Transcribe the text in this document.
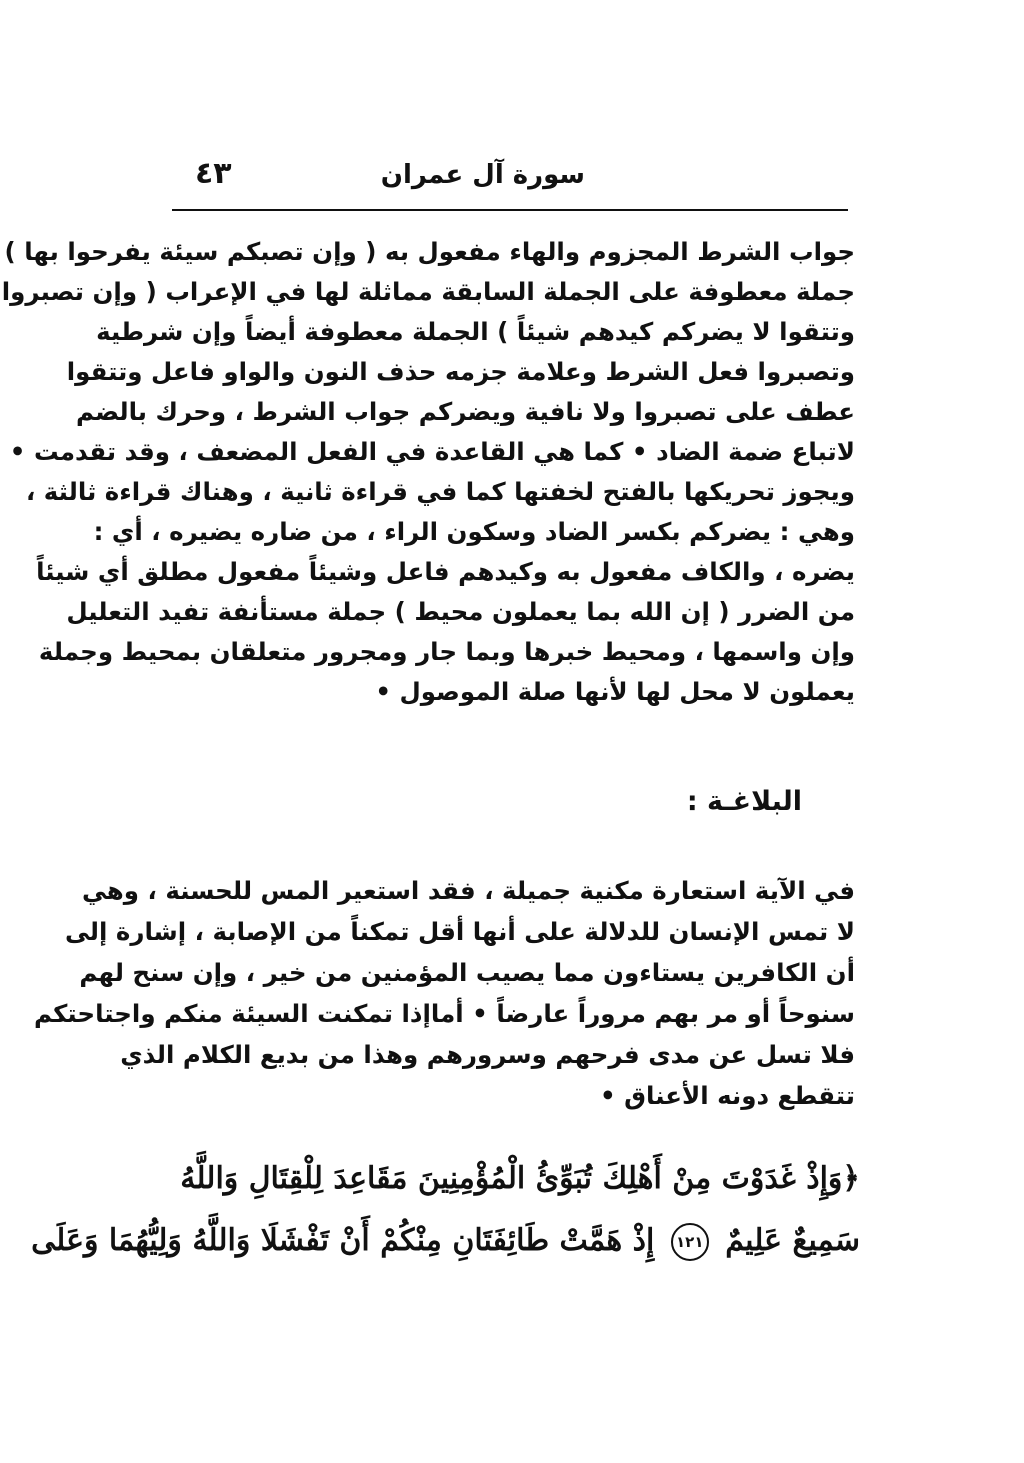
سورة آل عمران
٤٣
جواب الشرط المجزوم والهاء مفعول به ( وإن تصبكم سيئة يفرحوا بها )
جملة معطوفة على الجملة السابقة مماثلة لها في الإعراب ( وإن تصبروا
وتتقوا لا يضركم كيدهم شيئاً ) الجملة معطوفة أيضاً وإن شرطية
وتصبروا فعل الشرط وعلامة جزمه حذف النون والواو فاعل وتتقوا
عطف على تصبروا ولا نافية ويضركم جواب الشرط ، وحرك بالضم
لاتباع ضمة الضاد • كما هي القاعدة في الفعل المضعف ، وقد تقدمت •
ويجوز تحريكها بالفتح لخفتها كما في قراءة ثانية ، وهناك قراءة ثالثة ،
وهي : يضركم بكسر الضاد وسكون الراء ، من ضاره يضيره ، أي :
يضره ، والكاف مفعول به وكيدهم فاعل وشيئاً مفعول مطلق أي شيئاً
من الضرر ( إن الله بما يعملون محيط ) جملة مستأنفة تفيد التعليل
وإن واسمها ، ومحيط خبرها وبما جار ومجرور متعلقان بمحيط وجملة
يعملون لا محل لها لأنها صلة الموصول •
البلاغـة :
في الآية استعارة مكنية جميلة ، فقد استعير المس للحسنة ، وهي
لا تمس الإنسان للدلالة على أنها أقل تمكناً من الإصابة ، إشارة إلى
أن الكافرين يستاءون مما يصيب المؤمنين من خير ، وإن سنح لهم
سنوحاً أو مر بهم مروراً عارضاً • أماإذا تمكنت السيئة منكم واجتاحتكم
فلا تسل عن مدى فرحهم وسرورهم وهذا من بديع الكلام الذي
تتقطع دونه الأعناق •
﴿وَإِذْ غَدَوْتَ مِنْ أَهْلِكَ تُبَوِّئُ الْمُؤْمِنِينَ مَقَاعِدَ لِلْقِتَالِ وَاللَّهُ
سَمِيعٌ عَلِيمٌ ١٢١ إِذْ هَمَّتْ طَائِفَتَانِ مِنْكُمْ أَنْ تَفْشَلَا وَاللَّهُ وَلِيُّهُمَا وَعَلَى
